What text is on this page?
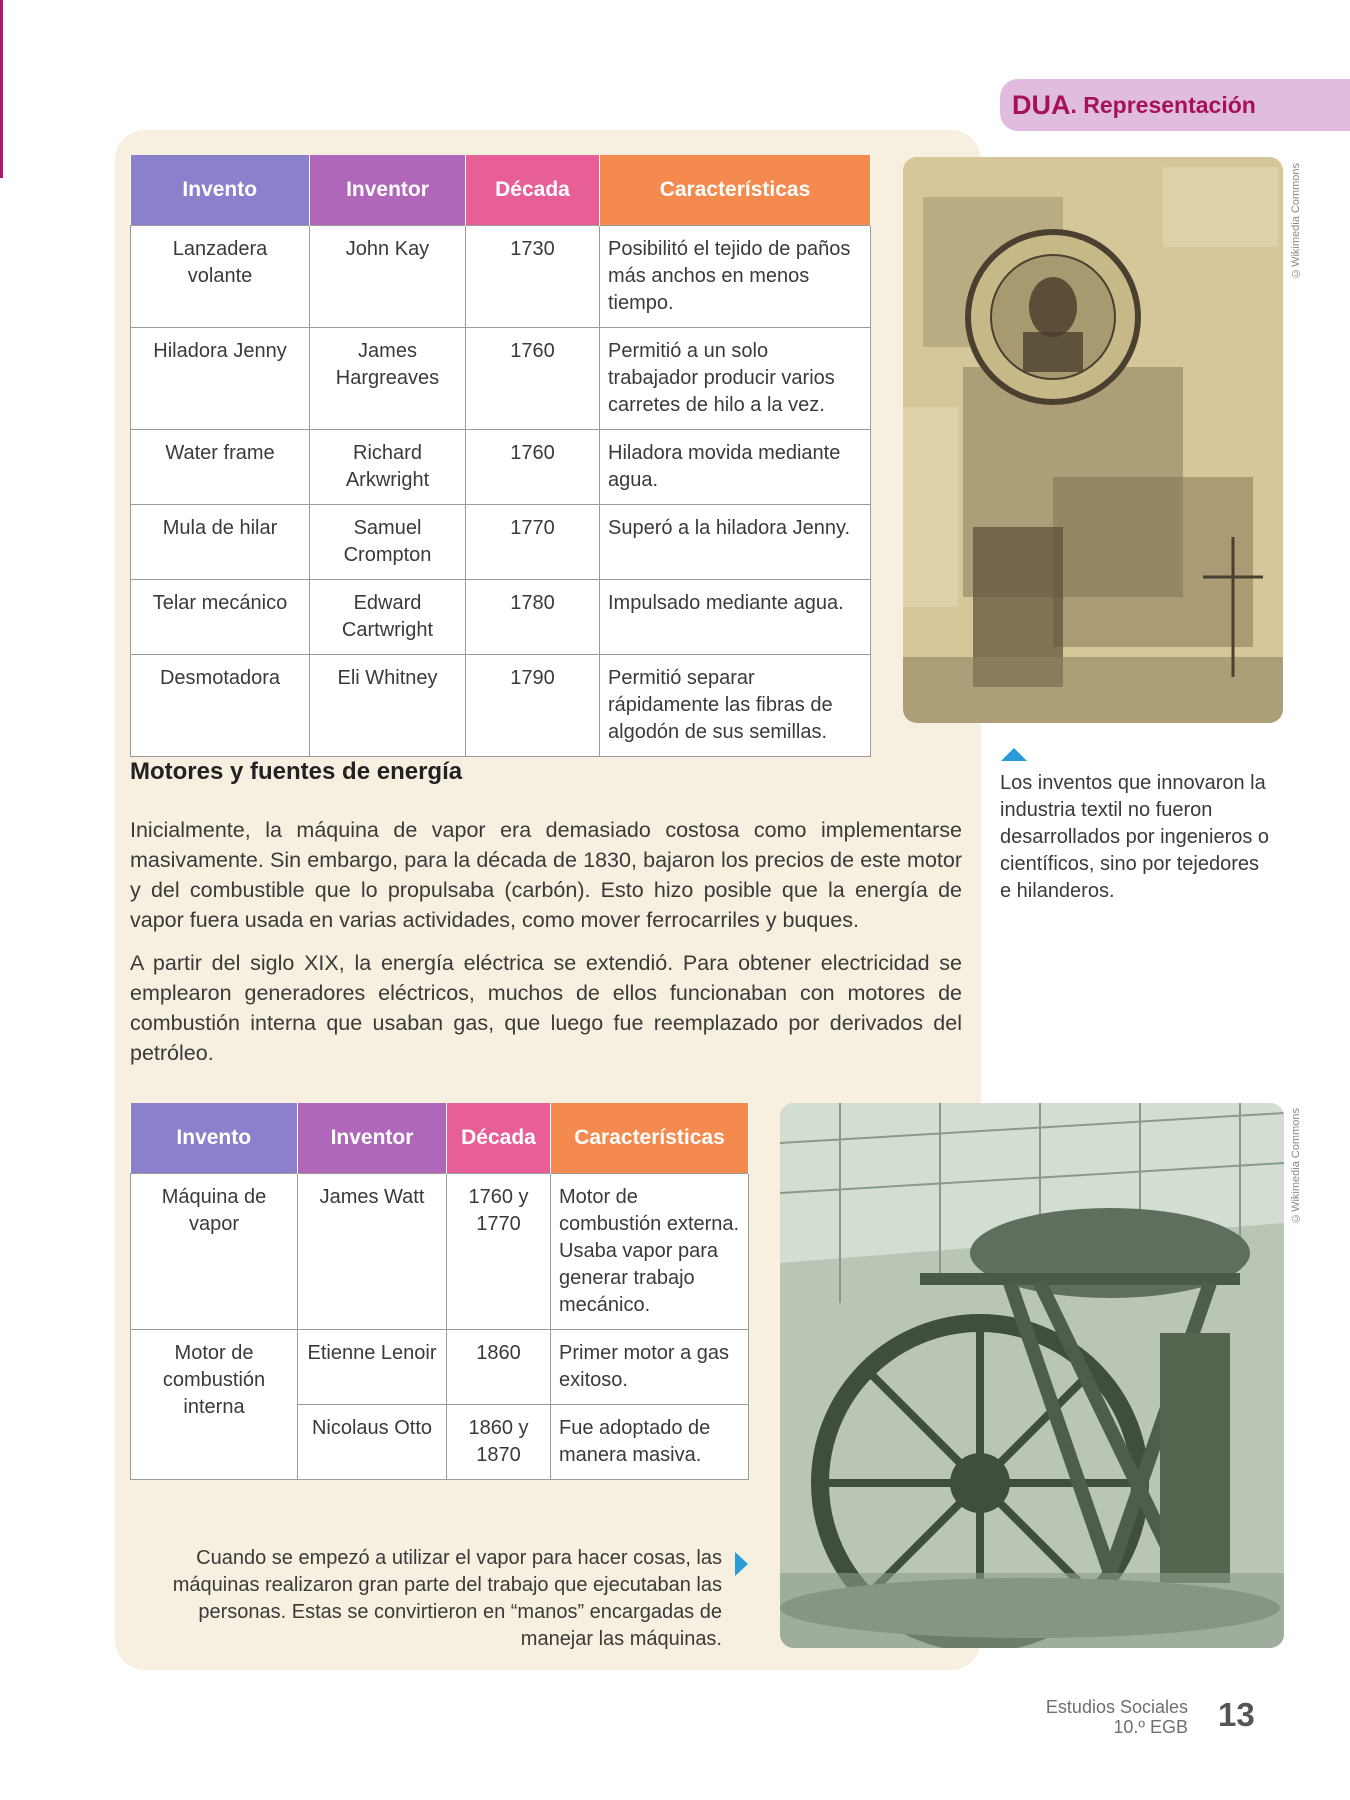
DUA . Representación
Invento	Inventor	Década	Características
Lanzadera volante	John Kay	1730	Posibilitó el tejido de paños más anchos en menos tiempo.
Hiladora Jenny	James Hargreaves	1760	Permitió a un solo trabajador producir varios carretes de hilo a la vez.
Water frame	Richard Arkwright	1760	Hiladora movida mediante agua.
Mula de hilar	Samuel Crompton	1770	Superó a la hiladora Jenny.
Telar mecánico	Edward Cartwright	1780	Impulsado mediante agua.
Desmotadora	Eli Whitney	1790	Permitió separar rápidamente las fibras de algodón de sus semillas.
©Wikimedia Commons
Los inventos que innovaron la industria textil no fueron desarrollados por ingenieros o científicos, sino por tejedores e hilanderos.
Motores y fuentes de energía

Inicialmente, la máquina de vapor era demasiado costosa como implementarse masivamente. Sin embargo, para la década de 1830, bajaron los precios de este motor y del combustible que lo propulsaba (carbón). Esto hizo posible que la energía de vapor fuera usada en varias actividades, como mover ferrocarriles y buques.

A partir del siglo XIX, la energía eléctrica se extendió. Para obtener electricidad se emplearon generadores eléctricos, muchos de ellos funcionaban con motores de combustión interna que usaban gas, que luego fue reemplazado por derivados del petróleo.

Invento	Inventor	Década	Características
Máquina de vapor	James Watt	1760 y 1770	Motor de combustión externa. Usaba vapor para generar trabajo mecánico.
Motor de combustión interna	Etienne Lenoir	1860	Primer motor a gas exitoso.
	Nicolaus Otto	1860 y 1870	Fue adoptado de manera masiva.
©Wikimedia Commons
Cuando se empezó a utilizar el vapor para hacer cosas, las máquinas realizaron gran parte del trabajo que ejecutaban las personas. Estas se convirtieron en “manos” encargadas de manejar las máquinas.
Estudios Sociales
10.º EGB 13
